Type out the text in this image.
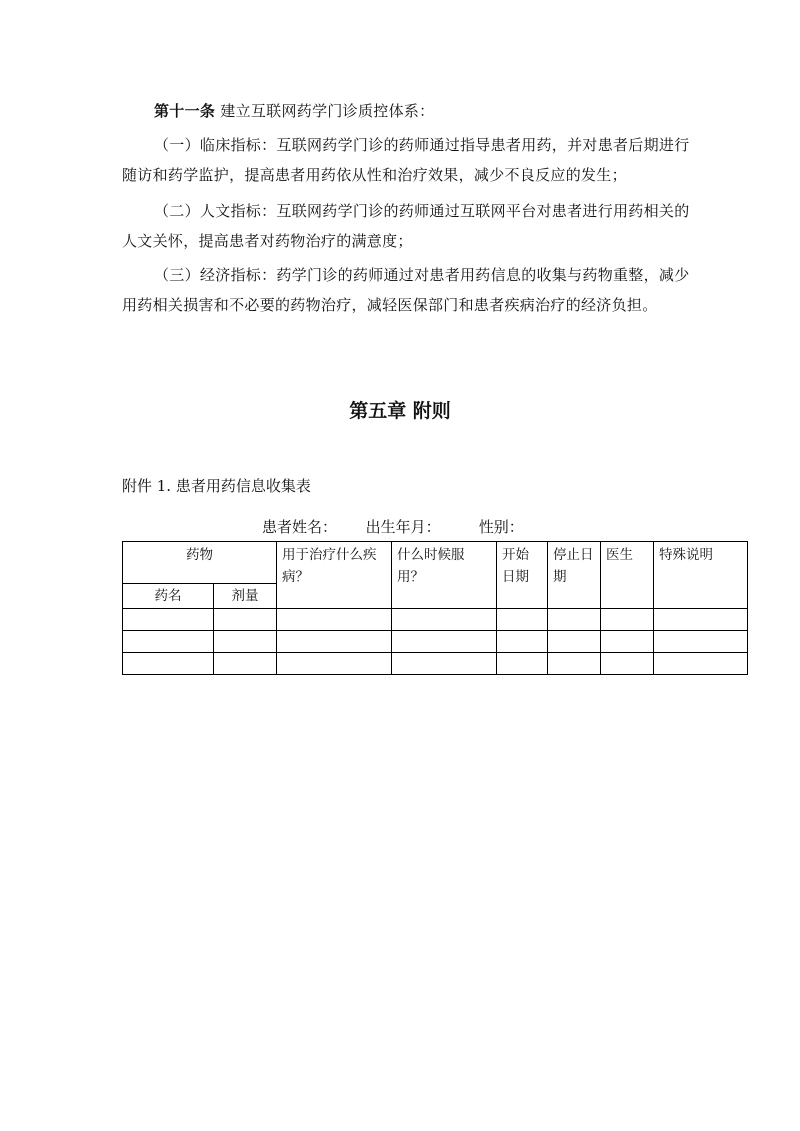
第十一条 建立互联网药学门诊质控体系：

（一）临床指标：互联网药学门诊的药师通过指导患者用药，并对患者后期进行随访和药学监护，提高患者用药依从性和治疗效果，减少不良反应的发生；

（二）人文指标：互联网药学门诊的药师通过互联网平台对患者进行用药相关的人文关怀，提高患者对药物治疗的满意度；

（三）经济指标：药学门诊的药师通过对患者用药信息的收集与药物重整，减少用药相关损害和不必要的药物治疗，减轻医保部门和患者疾病治疗的经济负担。

第五章 附则
附件 1. 患者用药信息收集表
患者姓名：      出生年月：        性别：
药物		用于治疗什么疾病？	什么时候服用？	开始日期	停止日期	医生	特殊说明
药名	剂量						
